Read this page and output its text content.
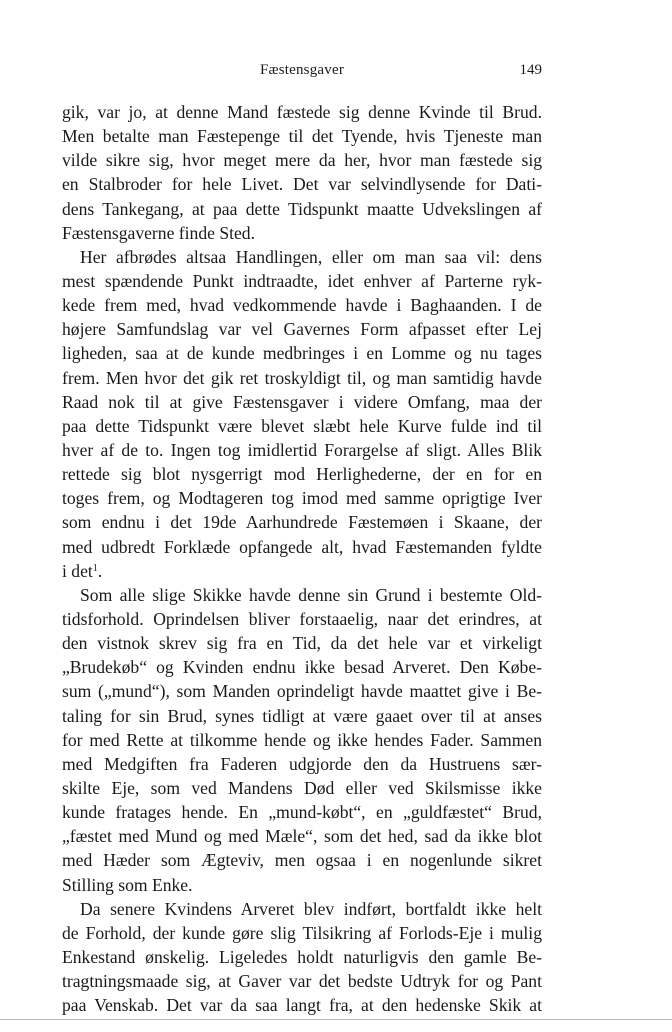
Fæstensgaver	149
gik, var jo, at denne Mand fæstede sig denne Kvinde til Brud.
Men betalte man Fæstepenge til det Tyende, hvis Tjeneste man
vilde sikre sig, hvor meget mere da her, hvor man fæstede sig
en Stalbroder for hele Livet. Det var selvindlysende for Dati-
dens Tankegang, at paa dette Tidspunkt maatte Udvekslingen af
Fæstensgaverne finde Sted.
Her afbrødes altsaa Handlingen, eller om man saa vil: dens
mest spændende Punkt indtraadte, idet enhver af Parterne ryk-
kede frem med, hvad vedkommende havde i Baghaanden. I de
højere Samfundslag var vel Gavernes Form afpasset efter Lej
ligheden, saa at de kunde medbringes i en Lomme og nu tages
frem. Men hvor det gik ret troskyldigt til, og man samtidig havde
Raad nok til at give Fæstensgaver i videre Omfang, maa der
paa dette Tidspunkt være blevet slæbt hele Kurve fulde ind til
hver af de to. Ingen tog imidlertid Forargelse af sligt. Alles Blik
rettede sig blot nysgerrigt mod Herlighederne, der en for en
toges frem, og Modtageren tog imod med samme oprigtige Iver
som endnu i det 19de Aarhundrede Fæstemøen i Skaane, der
med udbredt Forklæde opfangede alt, hvad Fæstemanden fyldte
i $\det^1$.
Som alle slige Skikke havde denne sin Grund i bestemte Old-
tidsforhold. Oprindelsen bliver forstaaelig, naar det erindres, at
den vistnok skrev sig fra en Tid, da det hele var et virkeligt
„Brudekøb“ og Kvinden endnu ikke besad Arveret. Den Købe-
sum („mund“), som Manden oprindeligt havde maattet give i Be-
taling for sin Brud, synes tidligt at være gaaet over til at anses
for med Rette at tilkomme hende og ikke hendes Fader. Sammen
med Medgiften fra Faderen udgjorde den da Hustruens sær-
skilte Eje, som ved Mandens Død eller ved Skilsmisse ikke
kunde fratages hende. En „mund-købt“, en „guldfæstet“ Brud,
„fæstet med Mund og med Mæle“, som det hed, sad da ikke blot
med Hæder som Ægteviv, men ogsaa i en nogenlunde sikret
Stilling som Enke.
Da senere Kvindens Arveret blev indført, bortfaldt ikke helt
de Forhold, der kunde gøre slig Tilsikring af Forlods-Eje i mulig
Enkestand ønskelig. Ligeledes holdt naturligvis den gamle Be-
tragtningsmaade sig, at Gaver var det bedste Udtryk for og Pant
paa Venskab. Det var da saa langt fra, at den hedenske Skik at
